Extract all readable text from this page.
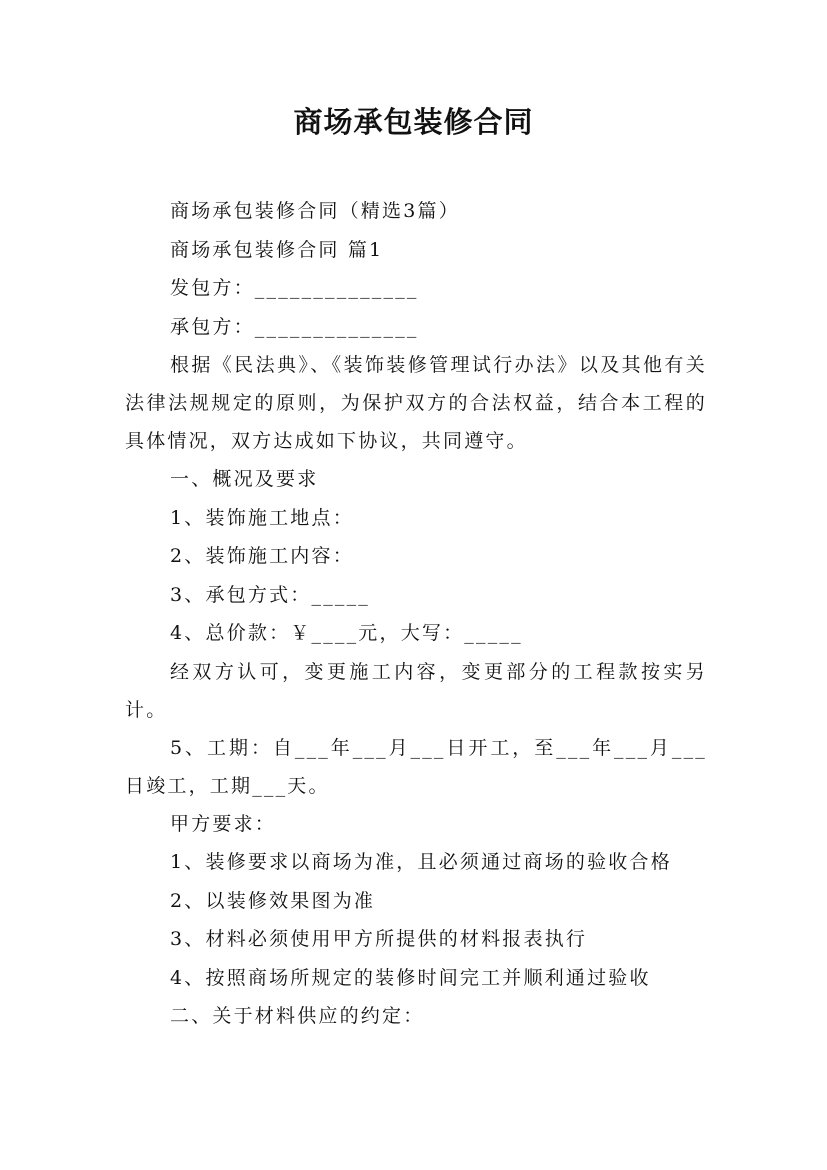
商场承包装修合同

商场承包装修合同（精选3篇）

商场承包装修合同 篇1

发包方：______________

承包方：______________

根据《民法典》、《装饰装修管理试行办法》以及其他有关法律法规规定的原则，为保护双方的合法权益，结合本工程的具体情况，双方达成如下协议，共同遵守。

一、概况及要求

1、装饰施工地点：

2、装饰施工内容：

3、承包方式：_____

4、总价款：￥____元，大写：_____

经双方认可，变更施工内容，变更部分的工程款按实另计。

5、工期：自___年___月___日开工，至___年___月___日竣工，工期___天。

甲方要求：

1、装修要求以商场为准，且必须通过商场的验收合格

2、以装修效果图为准

3、材料必须使用甲方所提供的材料报表执行

4、按照商场所规定的装修时间完工并顺利通过验收

二、关于材料供应的约定：
